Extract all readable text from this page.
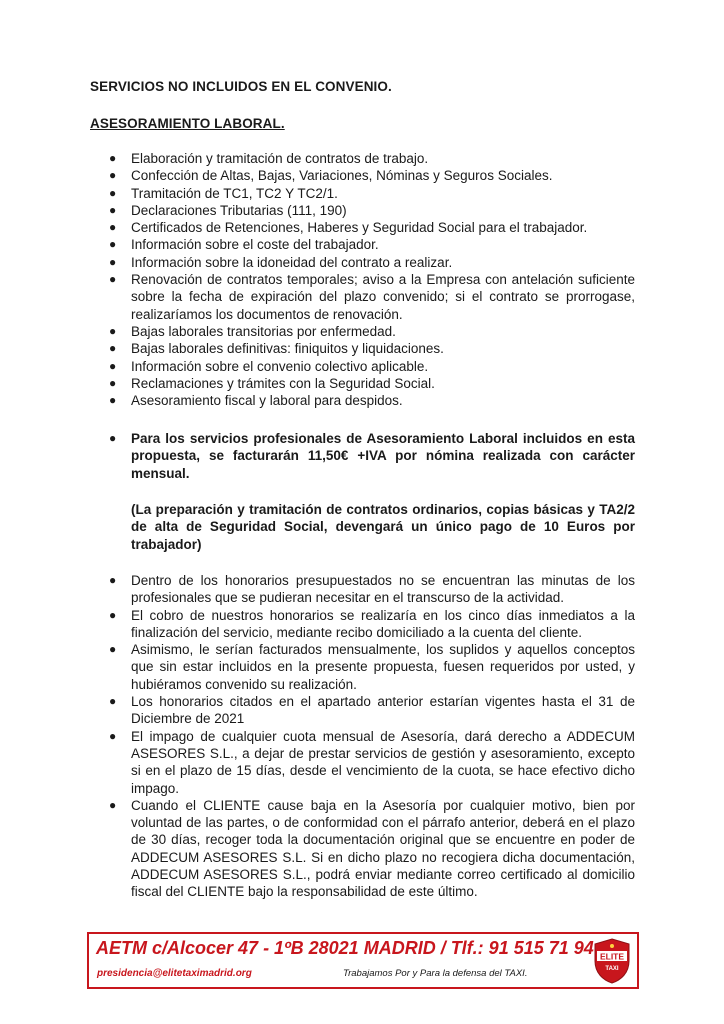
SERVICIOS NO INCLUIDOS EN EL CONVENIO.
ASESORAMIENTO LABORAL.
● Elaboración y tramitación de contratos de trabajo.
● Confección de Altas, Bajas, Variaciones, Nóminas y Seguros Sociales.
● Tramitación de TC1, TC2 Y TC2/1.
● Declaraciones Tributarias (111, 190)
● Certificados de Retenciones, Haberes y Seguridad Social para el trabajador.
● Información sobre el coste del trabajador.
● Información sobre la idoneidad del contrato a realizar.
● Renovación de contratos temporales; aviso a la Empresa con antelación suficiente sobre la fecha de expiración del plazo convenido; si el contrato se prorrogase, realizaríamos los documentos de renovación.
● Bajas laborales transitorias por enfermedad.
● Bajas laborales definitivas: finiquitos y liquidaciones.
● Información sobre el convenio colectivo aplicable.
● Reclamaciones y trámites con la Seguridad Social.
● Asesoramiento fiscal y laboral para despidos.
● Para los servicios profesionales de Asesoramiento Laboral incluidos en esta propuesta, se facturarán 11,50€ +IVA por nómina realizada con carácter mensual.
(La preparación y tramitación de contratos ordinarios, copias básicas y TA2/2 de alta de Seguridad Social, devengará un único pago de 10 Euros por trabajador)
● Dentro de los honorarios presupuestados no se encuentran las minutas de los profesionales que se pudieran necesitar en el transcurso de la actividad.
● El cobro de nuestros honorarios se realizaría en los cinco días inmediatos a la finalización del servicio, mediante recibo domiciliado a la cuenta del cliente.
● Asimismo, le serían facturados mensualmente, los suplidos y aquellos conceptos que sin estar incluidos en la presente propuesta, fuesen requeridos por usted, y hubiéramos convenido su realización.
● Los honorarios citados en el apartado anterior estarían vigentes hasta el 31 de Diciembre de 2021
● El impago de cualquier cuota mensual de Asesoría, dará derecho a ADDECUM ASESORES S.L., a dejar de prestar servicios de gestión y asesoramiento, excepto si en el plazo de 15 días, desde el vencimiento de la cuota, se hace efectivo dicho impago.
● Cuando el CLIENTE cause baja en la Asesoría por cualquier motivo, bien por voluntad de las partes, o de conformidad con el párrafo anterior, deberá en el plazo de 30 días, recoger toda la documentación original que se encuentre en poder de ADDECUM ASESORES S.L. Si en dicho plazo no recogiera dicha documentación, ADDECUM ASESORES S.L., podrá enviar mediante correo certificado al domicilio fiscal del CLIENTE bajo la responsabilidad de este último.
AETM c/Alcocer 47 - 1ºB 28021 MADRID / Tlf.: 91 515 71 94
presidencia@elitetaximadrid.org	Trabajamos Por y Para la defensa del TAXI.
ELITE
TAXI
